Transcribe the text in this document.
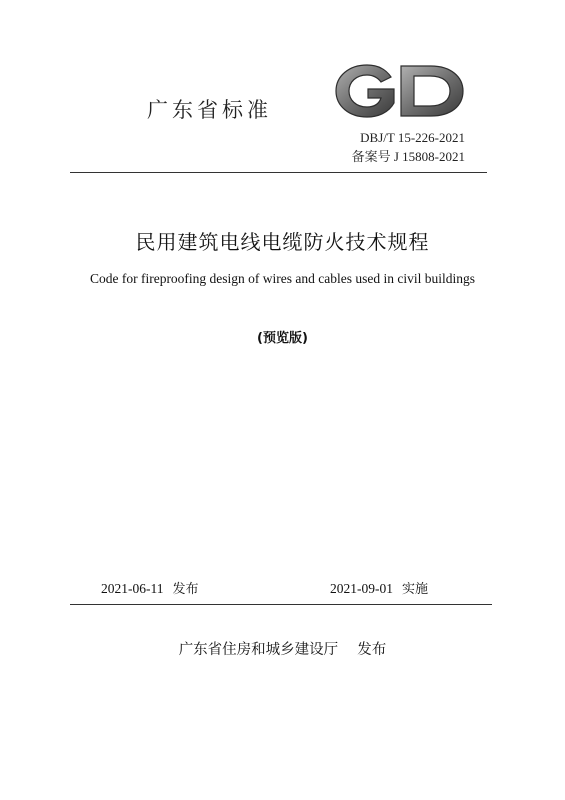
广东省标准
DBJ/T 15-226-2021
备案号 J 15808-2021
民用建筑电线电缆防火技术规程
Code for fireproofing design of wires and cables used in civil buildings
(预览版)
2021-06-11 发布	2021-09-01 实施
广东省住房和城乡建设厅　 发布
